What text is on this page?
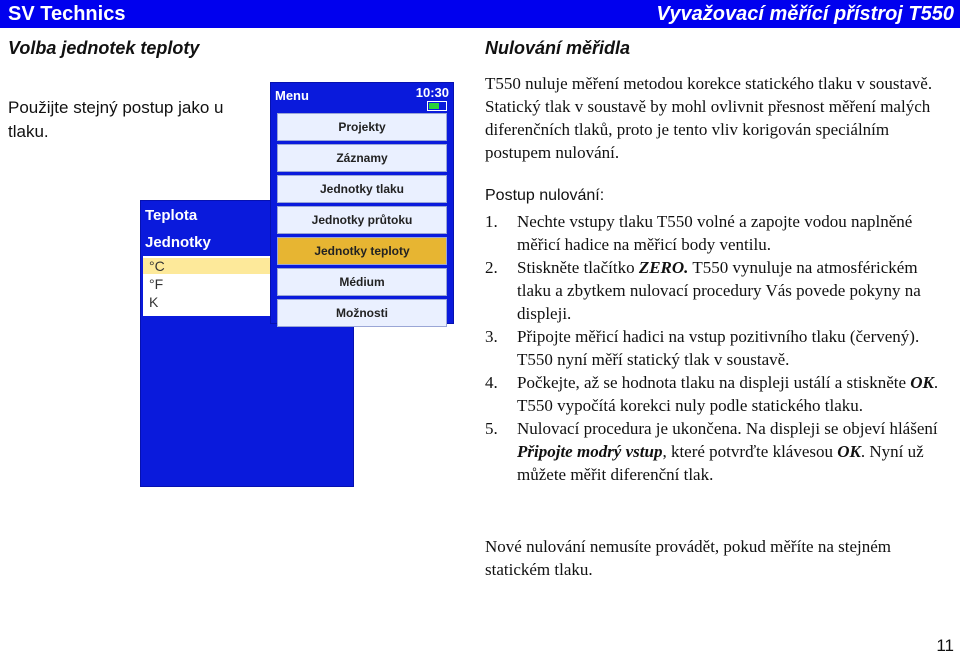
SV Technics	Vyvažovací měřící přístroj T550
Volba jednotek teploty	Nulování měřidla
Použijte stejný postup jako u tlaku.
T550 nuluje měření metodou korekce statického tlaku v soustavě. Statický tlak v soustavě by mohl ovlivnit přesnost měření malých diferenčních tlaků, proto je tento vliv korigován speciálním postupem nulování.
Postup nulování:
1.	Nechte vstupy tlaku T550 volné a zapojte vodou naplněné měřicí hadice na měřicí body ventilu.
2.	Stiskněte tlačítko ZERO. T550 vynuluje na atmosférickém tlaku a zbytkem nulovací procedury Vás povede pokyny na displeji.
3.	Připojte měřicí hadici na vstup pozitivního tlaku (červený). T550 nyní měří statický tlak v soustavě.
4.	Počkejte, až se hodnota tlaku na displeji ustálí a stiskněte OK. T550 vypočítá korekci nuly podle statického tlaku.
5.	Nulovací procedura je ukončena. Na displeji se objeví hlášení Připojte modrý vstup, které potvrďte klávesou OK. Nyní už můžete měřit diferenční tlak.
Nové nulování nemusíte provádět, pokud měříte na stejném statickém tlaku.
Teplota
Jednotky
°C
°F
K
Menu	10:30
Projekty
Záznamy
Jednotky tlaku
Jednotky průtoku
Jednotky teploty
Médium
Možnosti
11
